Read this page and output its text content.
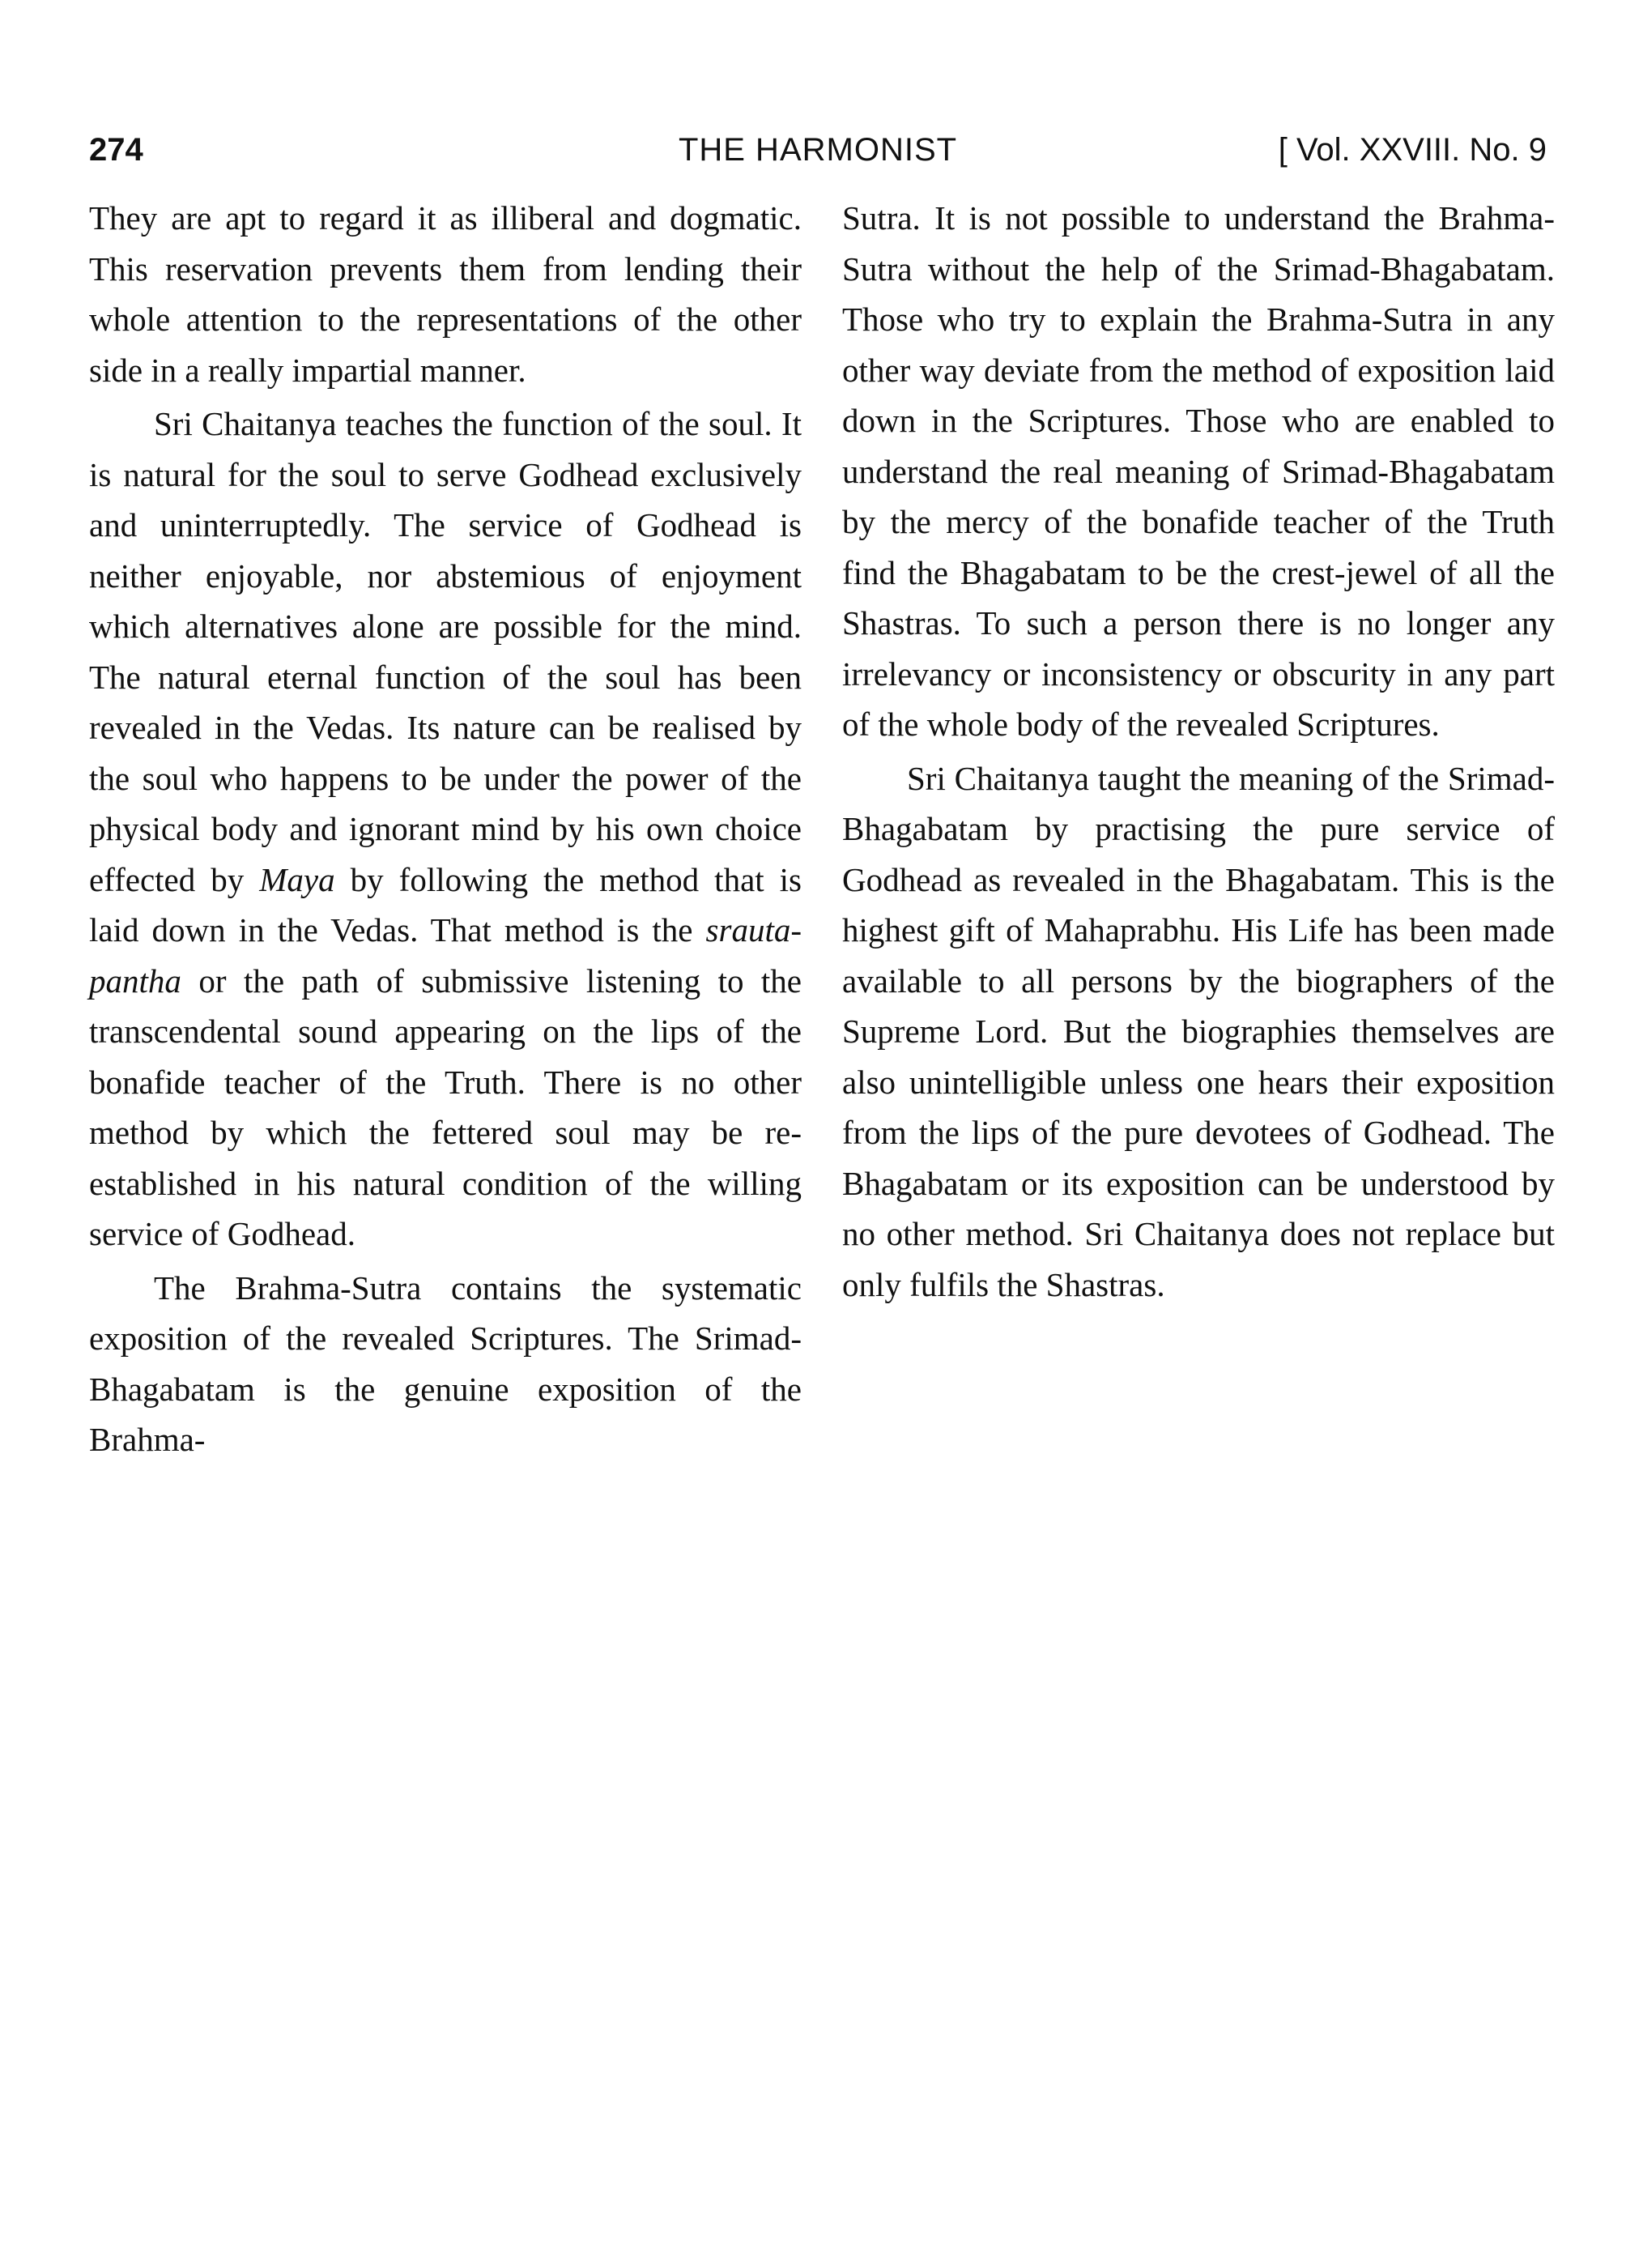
274	THE HARMONIST	[ Vol. XXVIII. No. 9

They are apt to regard it as illiberal and dogmatic. This reservation prevents them from lending their whole attention to the representations of the other side in a really impartial manner.

Sri Chaitanya teaches the function of the soul. It is natural for the soul to serve Godhead exclusively and uninterruptedly. The service of Godhead is neither enjoyable, nor abstemious of enjoyment which alternatives alone are possible for the mind. The natural eternal function of the soul has been revealed in the Vedas. Its nature can be realised by the soul who happens to be under the power of the physical body and ignorant mind by his own choice effected by Maya by following the method that is laid down in the Vedas. That method is the srauta-pantha or the path of submissive listening to the transcendental sound appearing on the lips of the bonafide teacher of the Truth. There is no other method by which the fettered soul may be re-established in his natural condition of the willing service of Godhead.

The Brahma-Sutra contains the systematic exposition of the revealed Scriptures. The Srimad-Bhagabatam is the genuine exposition of the Brahma-

Sutra. It is not possible to understand the Brahma-Sutra without the help of the Srimad-Bhagabatam. Those who try to explain the Brahma-Sutra in any other way deviate from the method of exposition laid down in the Scriptures. Those who are enabled to understand the real meaning of Srimad-Bhagabatam by the mercy of the bonafide teacher of the Truth find the Bhagabatam to be the crest-jewel of all the Shastras. To such a person there is no longer any irrelevancy or inconsistency or obscurity in any part of the whole body of the revealed Scriptures.

Sri Chaitanya taught the meaning of the Srimad-Bhagabatam by practising the pure service of Godhead as revealed in the Bhagabatam. This is the highest gift of Mahaprabhu. His Life has been made available to all persons by the biographers of the Supreme Lord. But the biographies themselves are also unintelligible unless one hears their exposition from the lips of the pure devotees of Godhead. The Bhagabatam or its exposition can be understood by no other method. Sri Chaitanya does not replace but only fulfils the Shastras.
